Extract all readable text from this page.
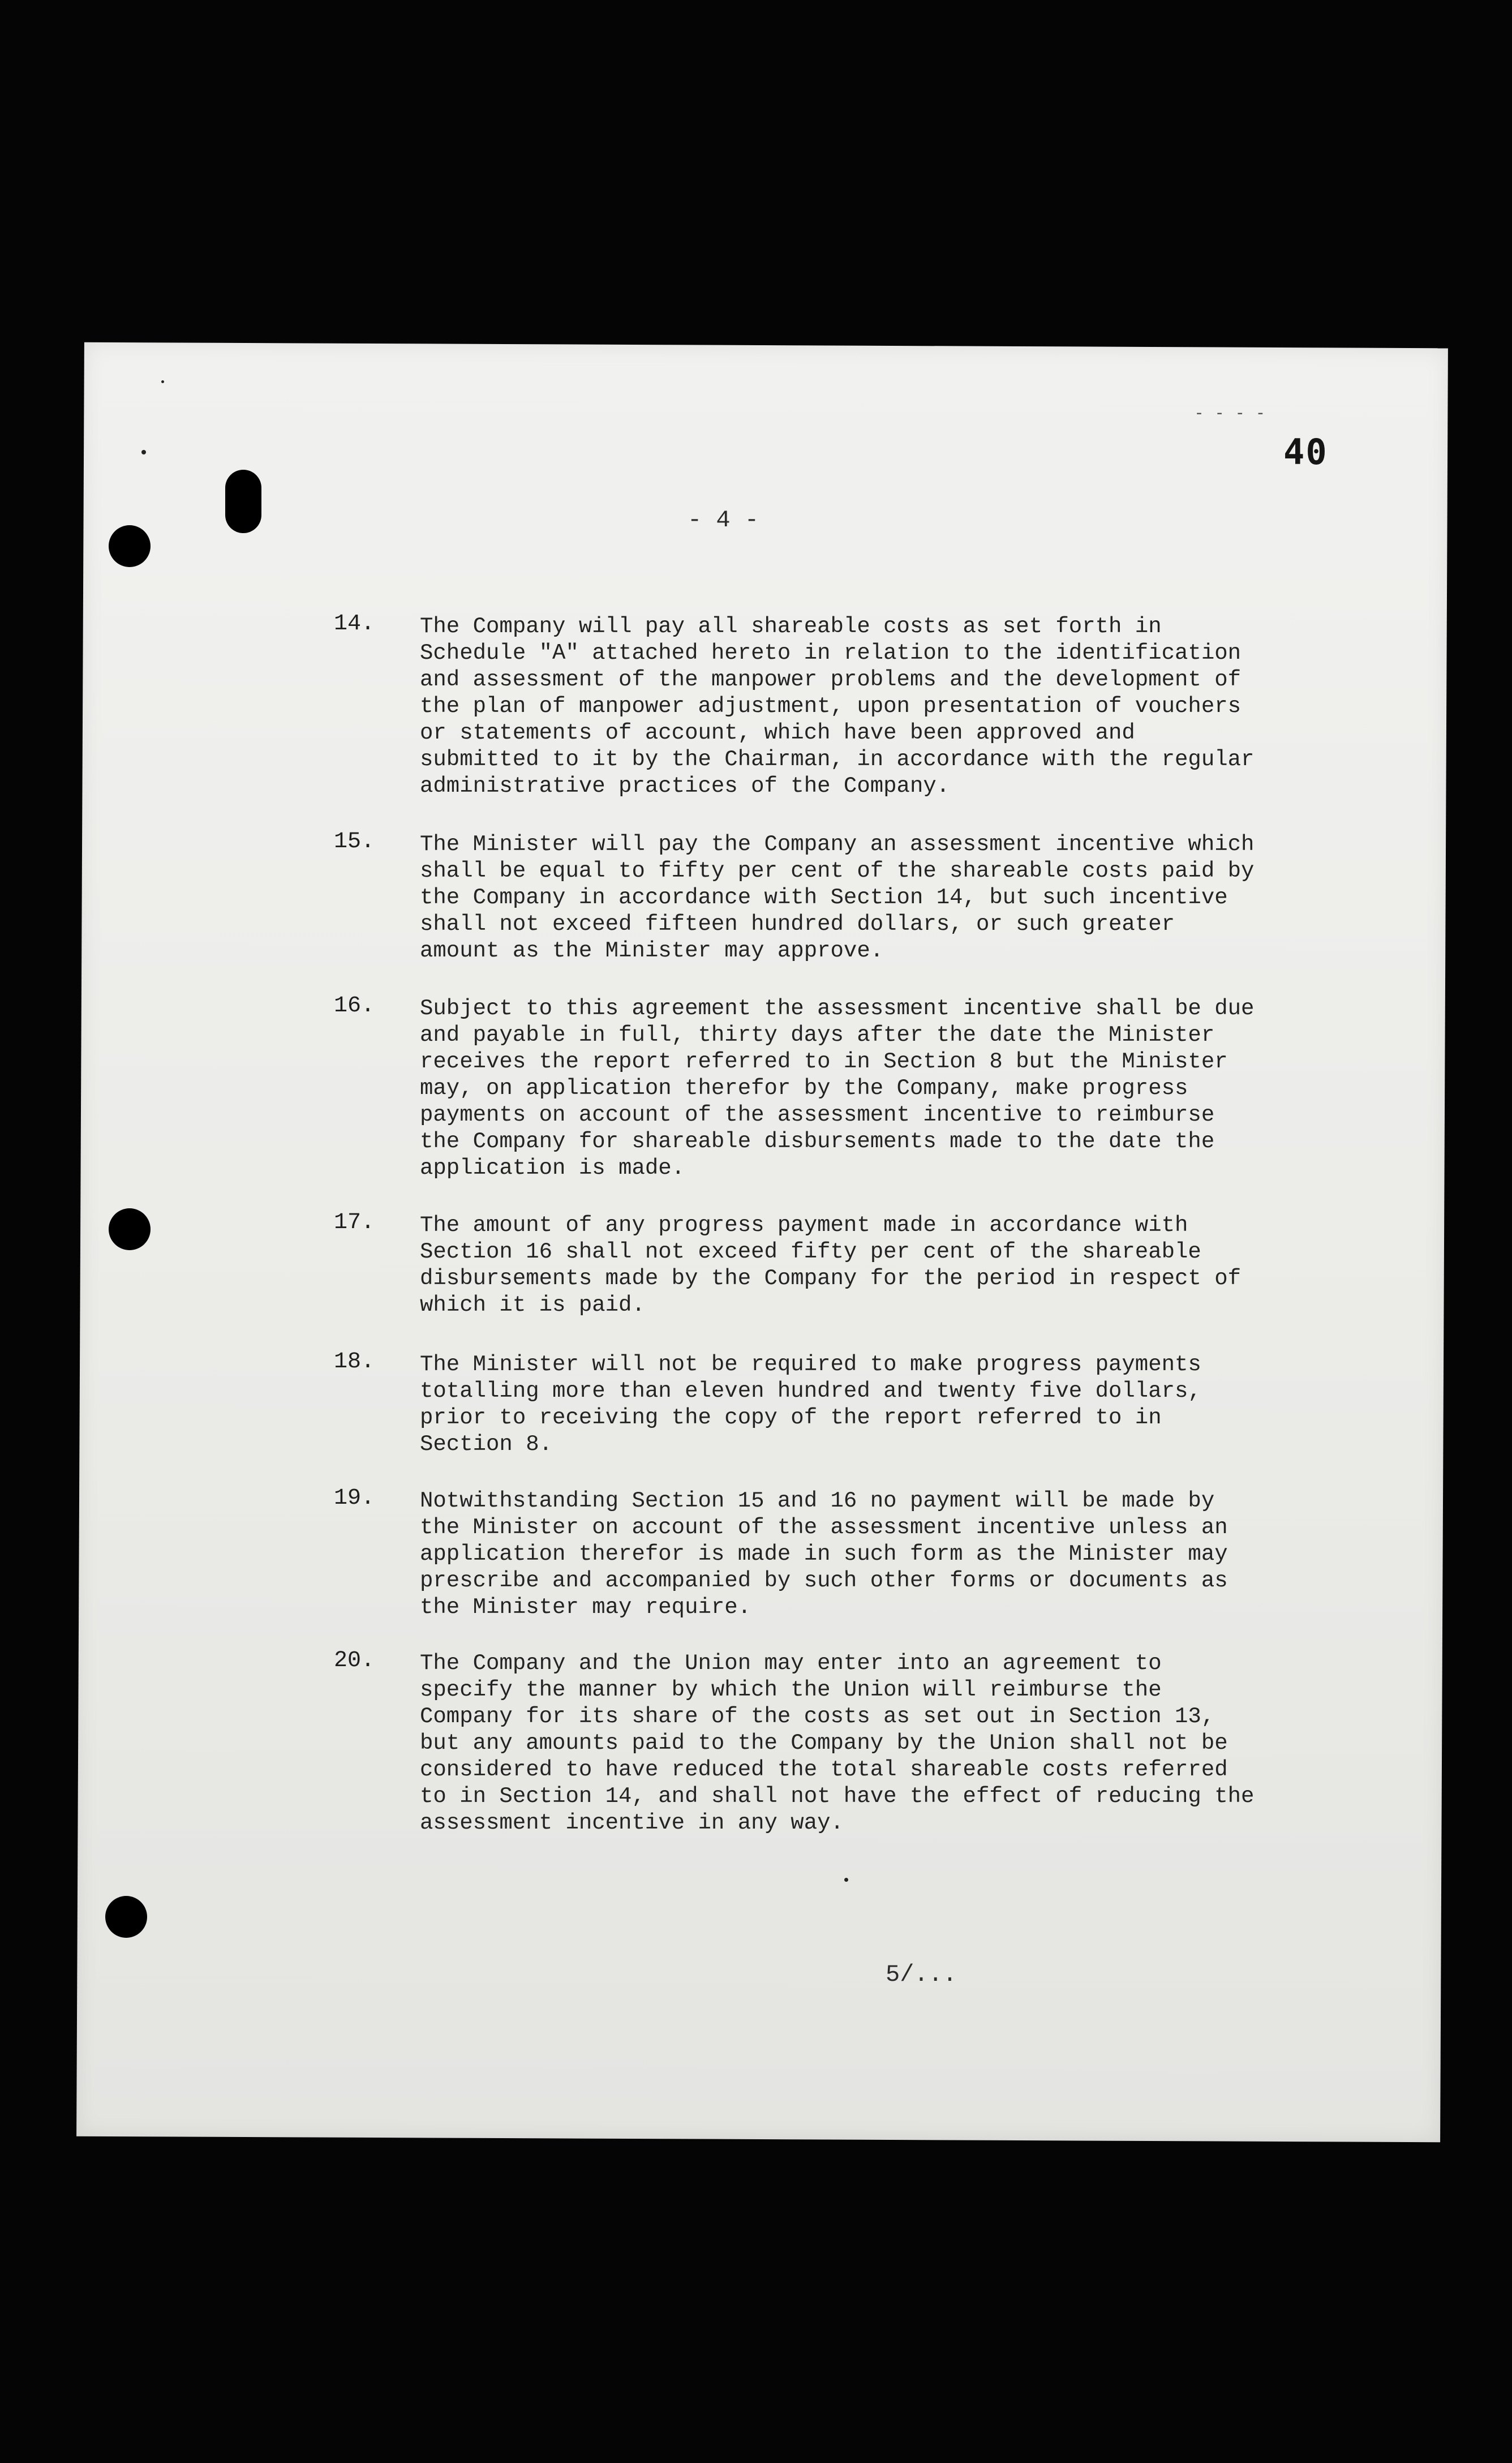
- - - -
40
- 4 -
14. The Company will pay all shareable costs as set forth in Schedule "A" attached hereto in relation to the identification and assessment of the manpower problems and the development of the plan of manpower adjustment, upon presentation of vouchers or statements of account, which have been approved and submitted to it by the Chairman, in accordance with the regular administrative practices of the Company.
15. The Minister will pay the Company an assessment incentive which shall be equal to fifty per cent of the shareable costs paid by the Company in accordance with Section 14, but such incentive shall not exceed fifteen hundred dollars, or such greater amount as the Minister may approve.
16. Subject to this agreement the assessment incentive shall be due and payable in full, thirty days after the date the Minister receives the report referred to in Section 8 but the Minister may, on application therefor by the Company, make progress payments on account of the assessment incentive to reimburse the Company for shareable disbursements made to the date the application is made.
17. The amount of any progress payment made in accordance with Section 16 shall not exceed fifty per cent of the shareable disbursements made by the Company for the period in respect of which it is paid.
18. The Minister will not be required to make progress payments totalling more than eleven hundred and twenty five dollars, prior to receiving the copy of the report referred to in Section 8.
19. Notwithstanding Section 15 and 16 no payment will be made by the Minister on account of the assessment incentive unless an application therefor is made in such form as the Minister may prescribe and accompanied by such other forms or documents as the Minister may require.
20. The Company and the Union may enter into an agreement to specify the manner by which the Union will reimburse the Company for its share of the costs as set out in Section 13, but any amounts paid to the Company by the Union shall not be considered to have reduced the total shareable costs referred to in Section 14, and shall not have the effect of reducing the assessment incentive in any way.
5/...
